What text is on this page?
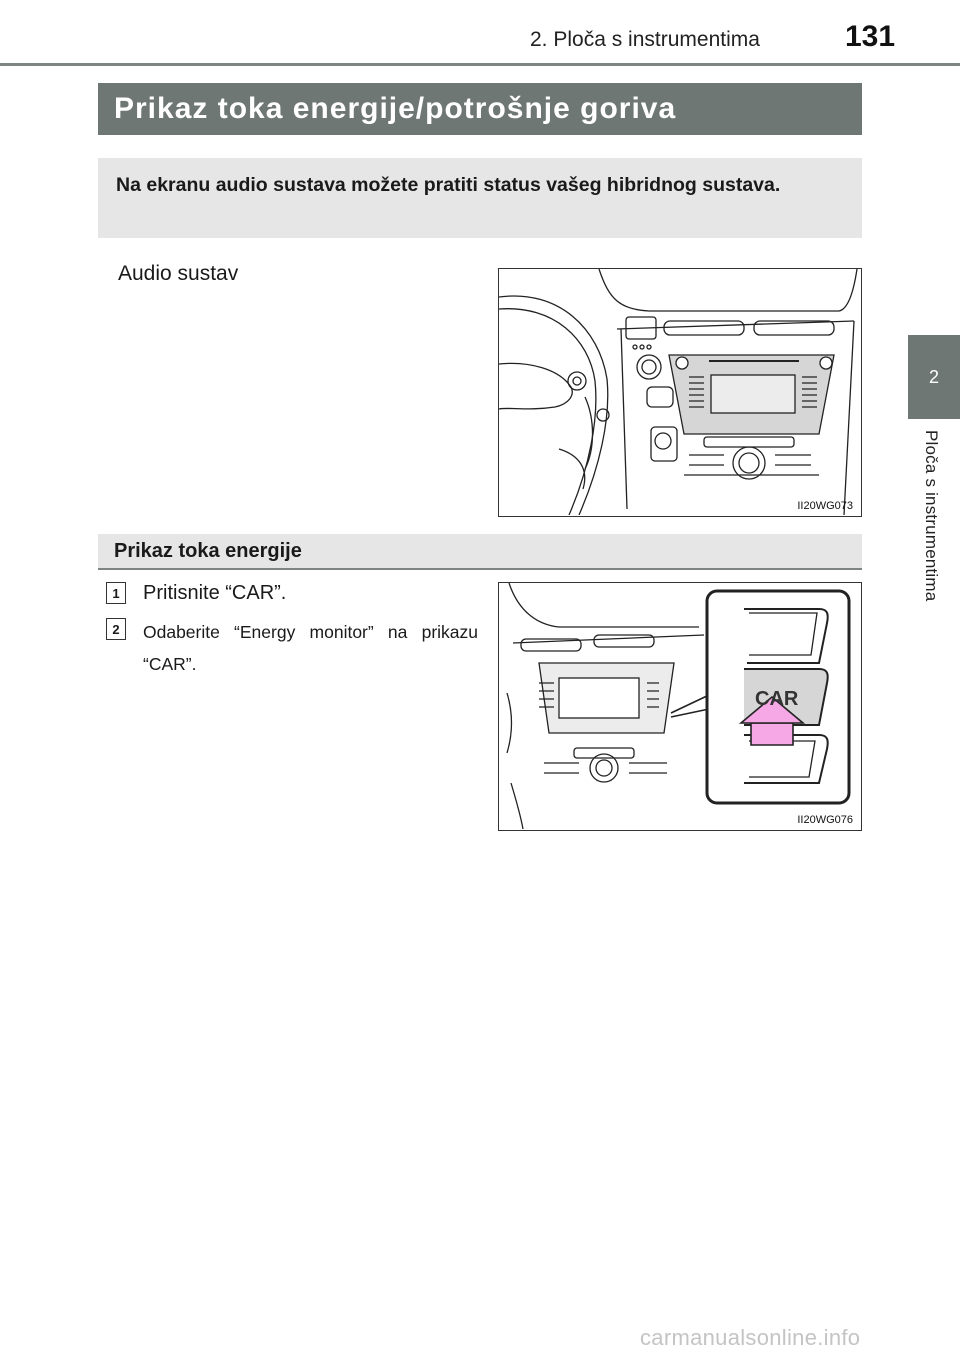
2. Ploča s instrumentima	131
2
Ploča s instrumentima
Prikaz toka energije/potrošnje goriva

Na ekranu audio sustava možete pratiti status vašeg hibridnog sustava.

Audio sustav
II20WG073
Prikaz toka energije
1	Pritisnite “CAR”.
2	Odaberite “Energy monitor” na prikazu “CAR”.
CAR
II20WG076
carmanualsonline.info
